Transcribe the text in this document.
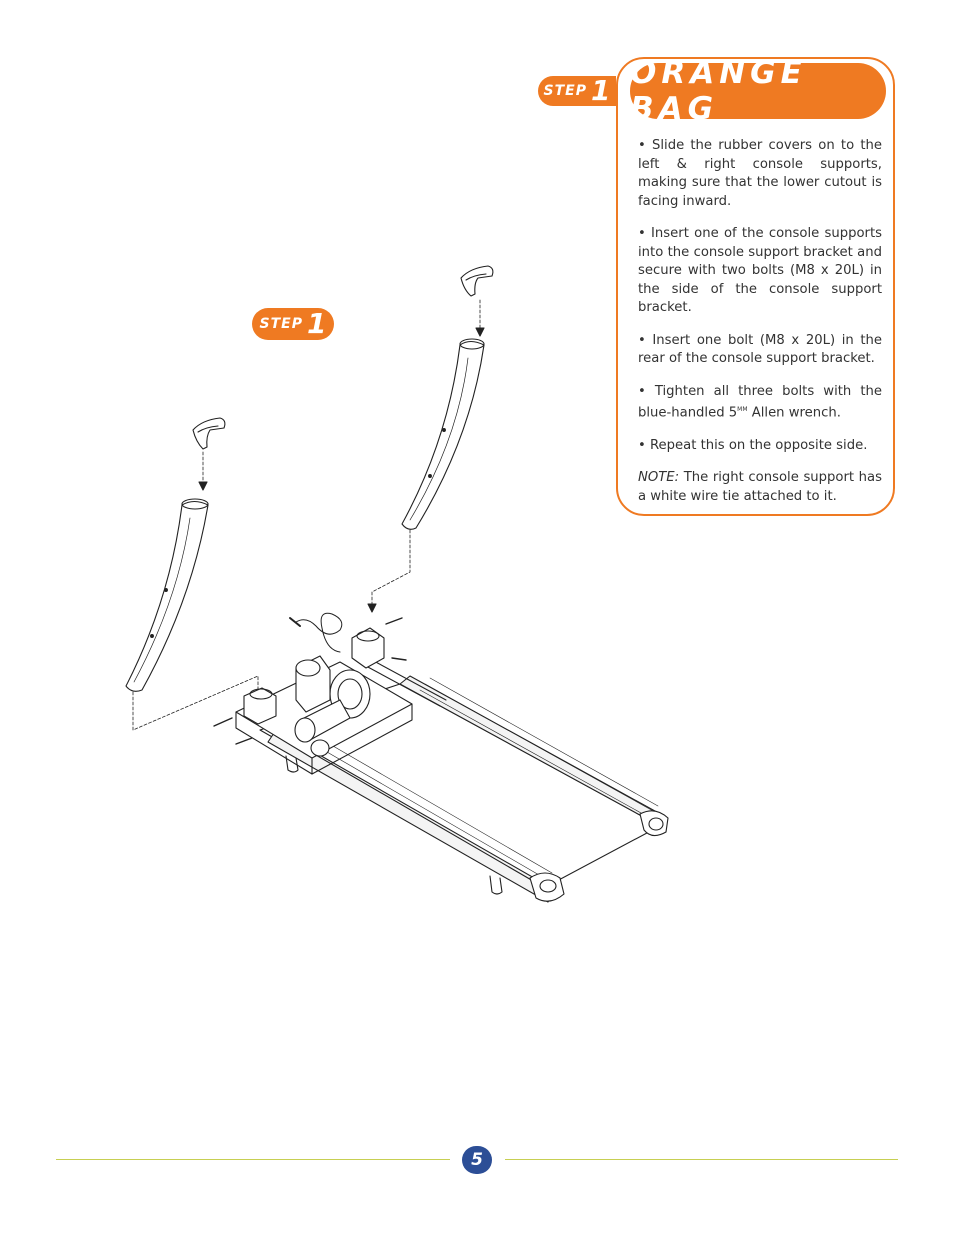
STEP 1 ORANGE BAG

• Slide the rubber covers on to the left & right console supports, making sure that the lower cutout is facing inward.

• Insert one of the console supports into the console support bracket and secure with two bolts (M8 x 20L) in the side of the console support bracket.

• Insert one bolt (M8 x 20L) in the rear of the console support bracket.

• Tighten all three bolts with the blue-handled $5^{MM}$ Allen wrench.

• Repeat this on the opposite side.

NOTE: The right console support has a white wire tie attached to it.

STEP 1
5
